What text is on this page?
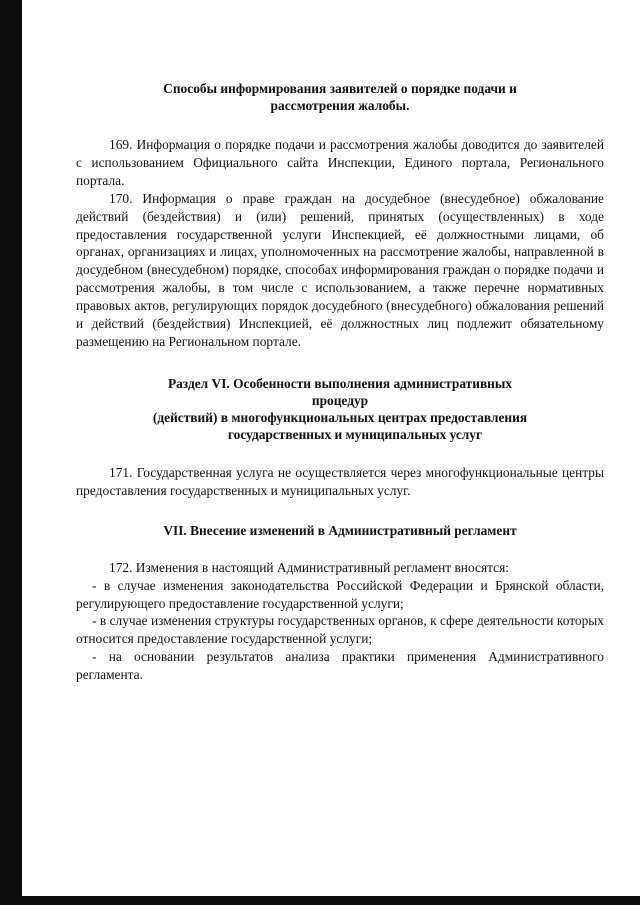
Способы информирования заявителей о порядке подачи и
рассмотрения жалобы.

169. Информация о порядке подачи и рассмотрения жалобы доводится до заявителей с использованием Официального сайта Инспекции, Единого портала, Регионального портала.

170. Информация о праве граждан на досудебное (внесудебное) обжалование действий (бездействия) и (или) решений, принятых (осуществленных) в ходе предоставления государственной услуги Инспекцией, её должностными лицами, об органах, организациях и лицах, уполномоченных на рассмотрение жалобы, направленной в досудебном (внесудебном) порядке, способах информирования граждан о порядке подачи и рассмотрения жалобы, в том числе с использованием, а также перечне нормативных правовых актов, регулирующих порядок досудебного (внесудебного) обжалования решений и действий (бездействия) Инспекцией, её должностных лиц подлежит обязательному размещению на Региональном портале.

Раздел VI. Особенности выполнения административных
процедур
(действий) в многофункциональных центрах предоставления
государственных и муниципальных услуг

171. Государственная услуга не осуществляется через многофункциональные центры предоставления государственных и муниципальных услуг.

VII. Внесение изменений в Административный регламент

172. Изменения в настоящий Административный регламент вносятся:

- в случае изменения законодательства Российской Федерации и Брянской области, регулирующего предоставление государственной услуги;

- в случае изменения структуры государственных органов, к сфере деятельности которых относится предоставление государственной услуги;

- на основании результатов анализа практики применения Административного регламента.
